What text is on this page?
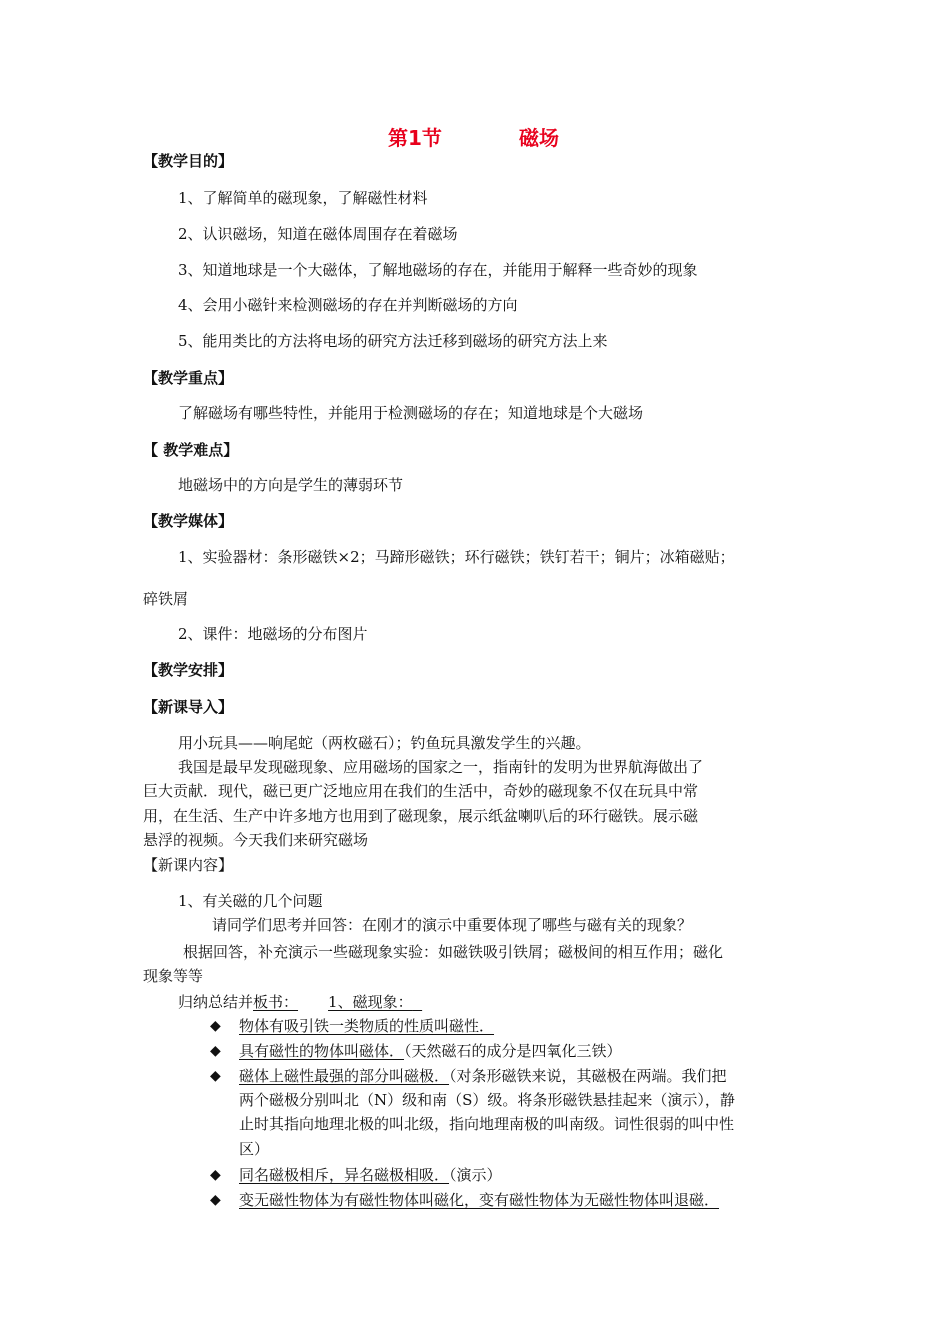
第1节	磁场
【教学目的】
1、了解简单的磁现象，了解磁性材料
2、认识磁场，知道在磁体周围存在着磁场
3、知道地球是一个大磁体，了解地磁场的存在，并能用于解释一些奇妙的现象
4、会用小磁针来检测磁场的存在并判断磁场的方向
5、能用类比的方法将电场的研究方法迁移到磁场的研究方法上来
【教学重点】
了解磁场有哪些特性，并能用于检测磁场的存在；知道地球是个大磁场
【 教学难点】
地磁场中的方向是学生的薄弱环节
【教学媒体】
1、实验器材：条形磁铁×2；马蹄形磁铁；环行磁铁；铁钉若干；铜片；冰箱磁贴；
碎铁屑
2、课件：地磁场的分布图片
【教学安排】
【新课导入】
用小玩具——响尾蛇（两枚磁石）；钓鱼玩具激发学生的兴趣。
我国是最早发现磁现象、应用磁场的国家之一，指南针的发明为世界航海做出了
巨大贡献．现代，磁已更广泛地应用在我们的生活中，奇妙的磁现象不仅在玩具中常
用，在生活、生产中许多地方也用到了磁现象，展示纸盆喇叭后的环行磁铁。展示磁
悬浮的视频。今天我们来研究磁场
【新课内容】
1、有关磁的几个问题
请同学们思考并回答：在刚才的演示中重要体现了哪些与磁有关的现象？
根据回答，补充演示一些磁现象实验：如磁铁吸引铁屑；磁极间的相互作用；磁化
现象等等
归纳总结并板书： 1、磁现象：
◆ 物体有吸引铁一类物质的性质叫磁性．
◆ 具有磁性的物体叫磁体．（天然磁石的成分是四氧化三铁）
◆ 磁体上磁性最强的部分叫磁极．（对条形磁铁来说，其磁极在两端。我们把
两个磁极分别叫北（N）级和南（S）级。将条形磁铁悬挂起来（演示），静
止时其指向地理北极的叫北级，指向地理南极的叫南级。词性很弱的叫中性
区）
◆ 同名磁极相斥，异名磁极相吸．（演示）
◆ 变无磁性物体为有磁性物体叫磁化，变有磁性物体为无磁性物体叫退磁．
